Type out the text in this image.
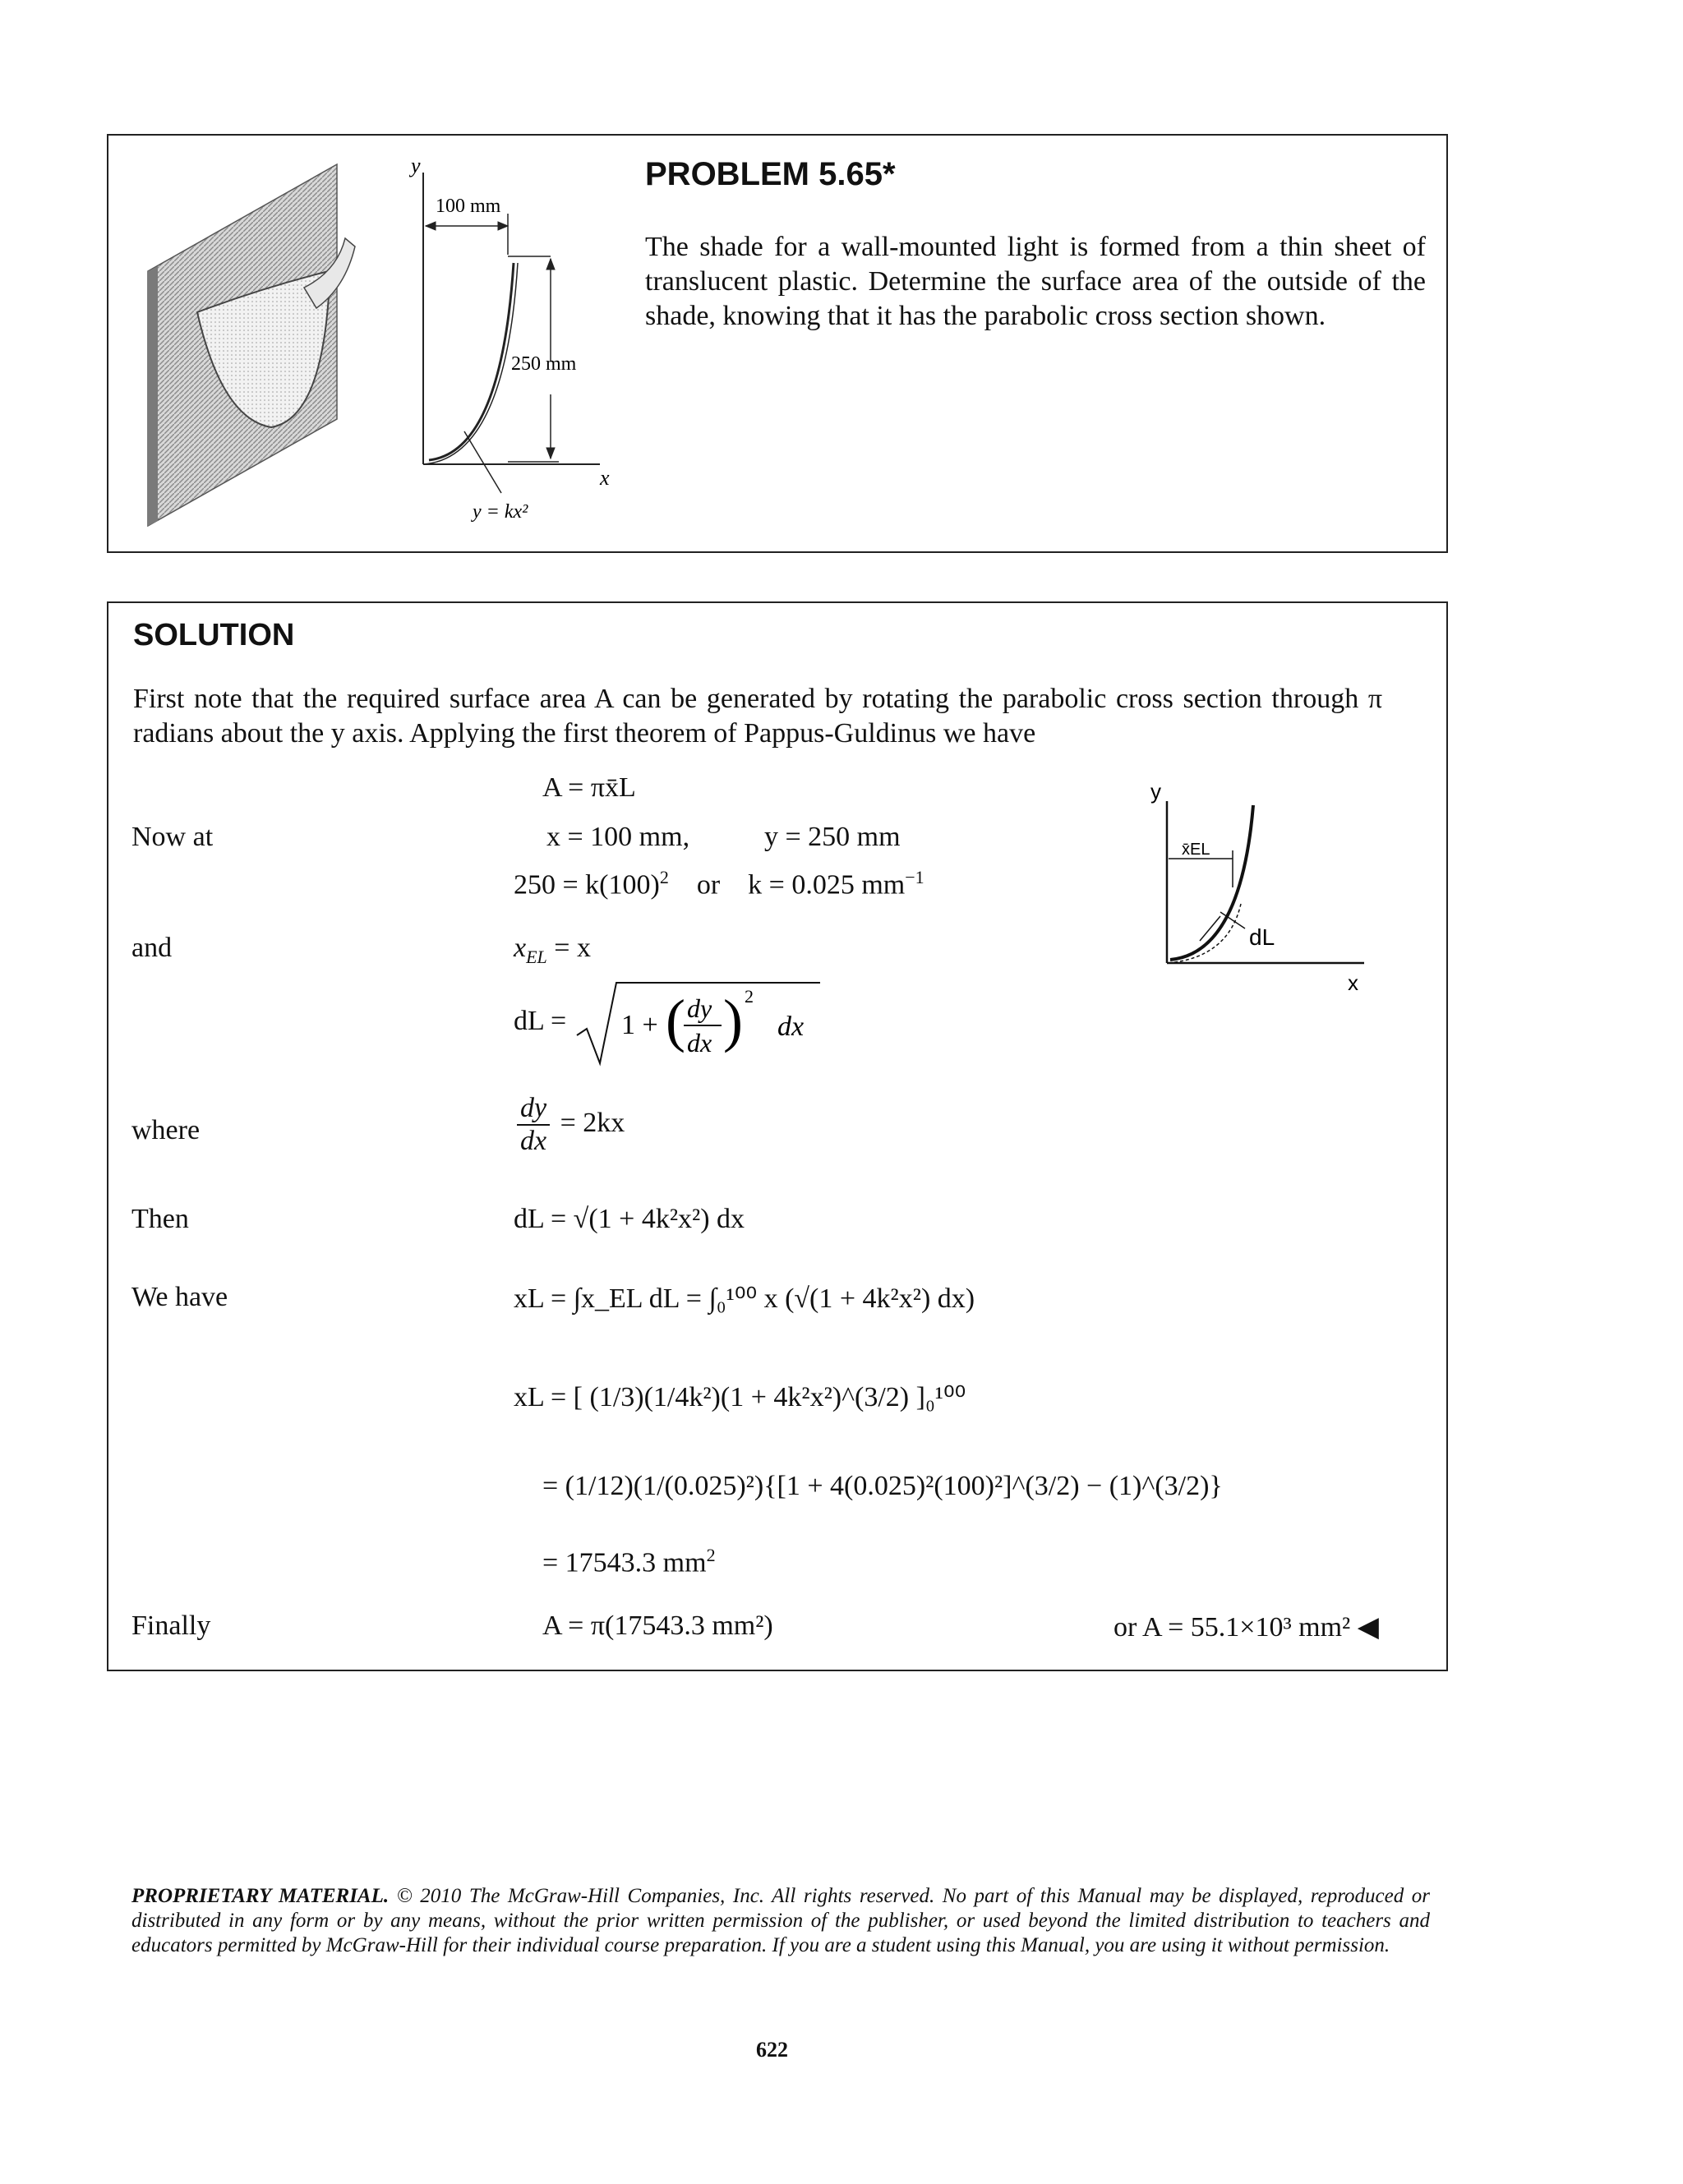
y
100 mm
250 mm
x
y = kx²
PROBLEM 5.65*
The shade for a wall-mounted light is formed from a thin sheet of translucent plastic. Determine the surface area of the outside of the shade, knowing that it has the parabolic cross section shown.
SOLUTION
First note that the required surface area A can be generated by rotating the parabolic cross section through π radians about the y axis. Applying the first theorem of Pappus-Guldinus we have
Now at
and
where
Then
We have
Finally
A = πx̄L
x = 100 mm,	y = 250 mm
$250 = k(100)^2$ or k = 0.025 $mm^{-1}$
$x_{EL} = x$
dL = 1 + ( dy
dx ) 2
dx
$\frac{dy}{dx} = 2kx$
dL = √(1 + 4k²x²) dx
xL = ∫x_EL dL = ∫₀¹⁰⁰ x (√(1 + 4k²x²) dx)
xL = [ (1/3)(1/4k²)(1 + 4k²x²)^(3/2) ]₀¹⁰⁰
= (1/12)(1/(0.025)²){[1 + 4(0.025)²(100)²]^(3/2) − (1)^(3/2)}
= 17543.3 $mm^2$
A = π(17543.3 mm²)	or A = 55.1×10³ mm² ◀
y
x̄EL
dL
x
PROPRIETARY MATERIAL. © 2010 The McGraw-Hill Companies, Inc. All rights reserved. No part of this Manual may be displayed, reproduced or distributed in any form or by any means, without the prior written permission of the publisher, or used beyond the limited distribution to teachers and educators permitted by McGraw-Hill for their individual course preparation. If you are a student using this Manual, you are using it without permission.
622
